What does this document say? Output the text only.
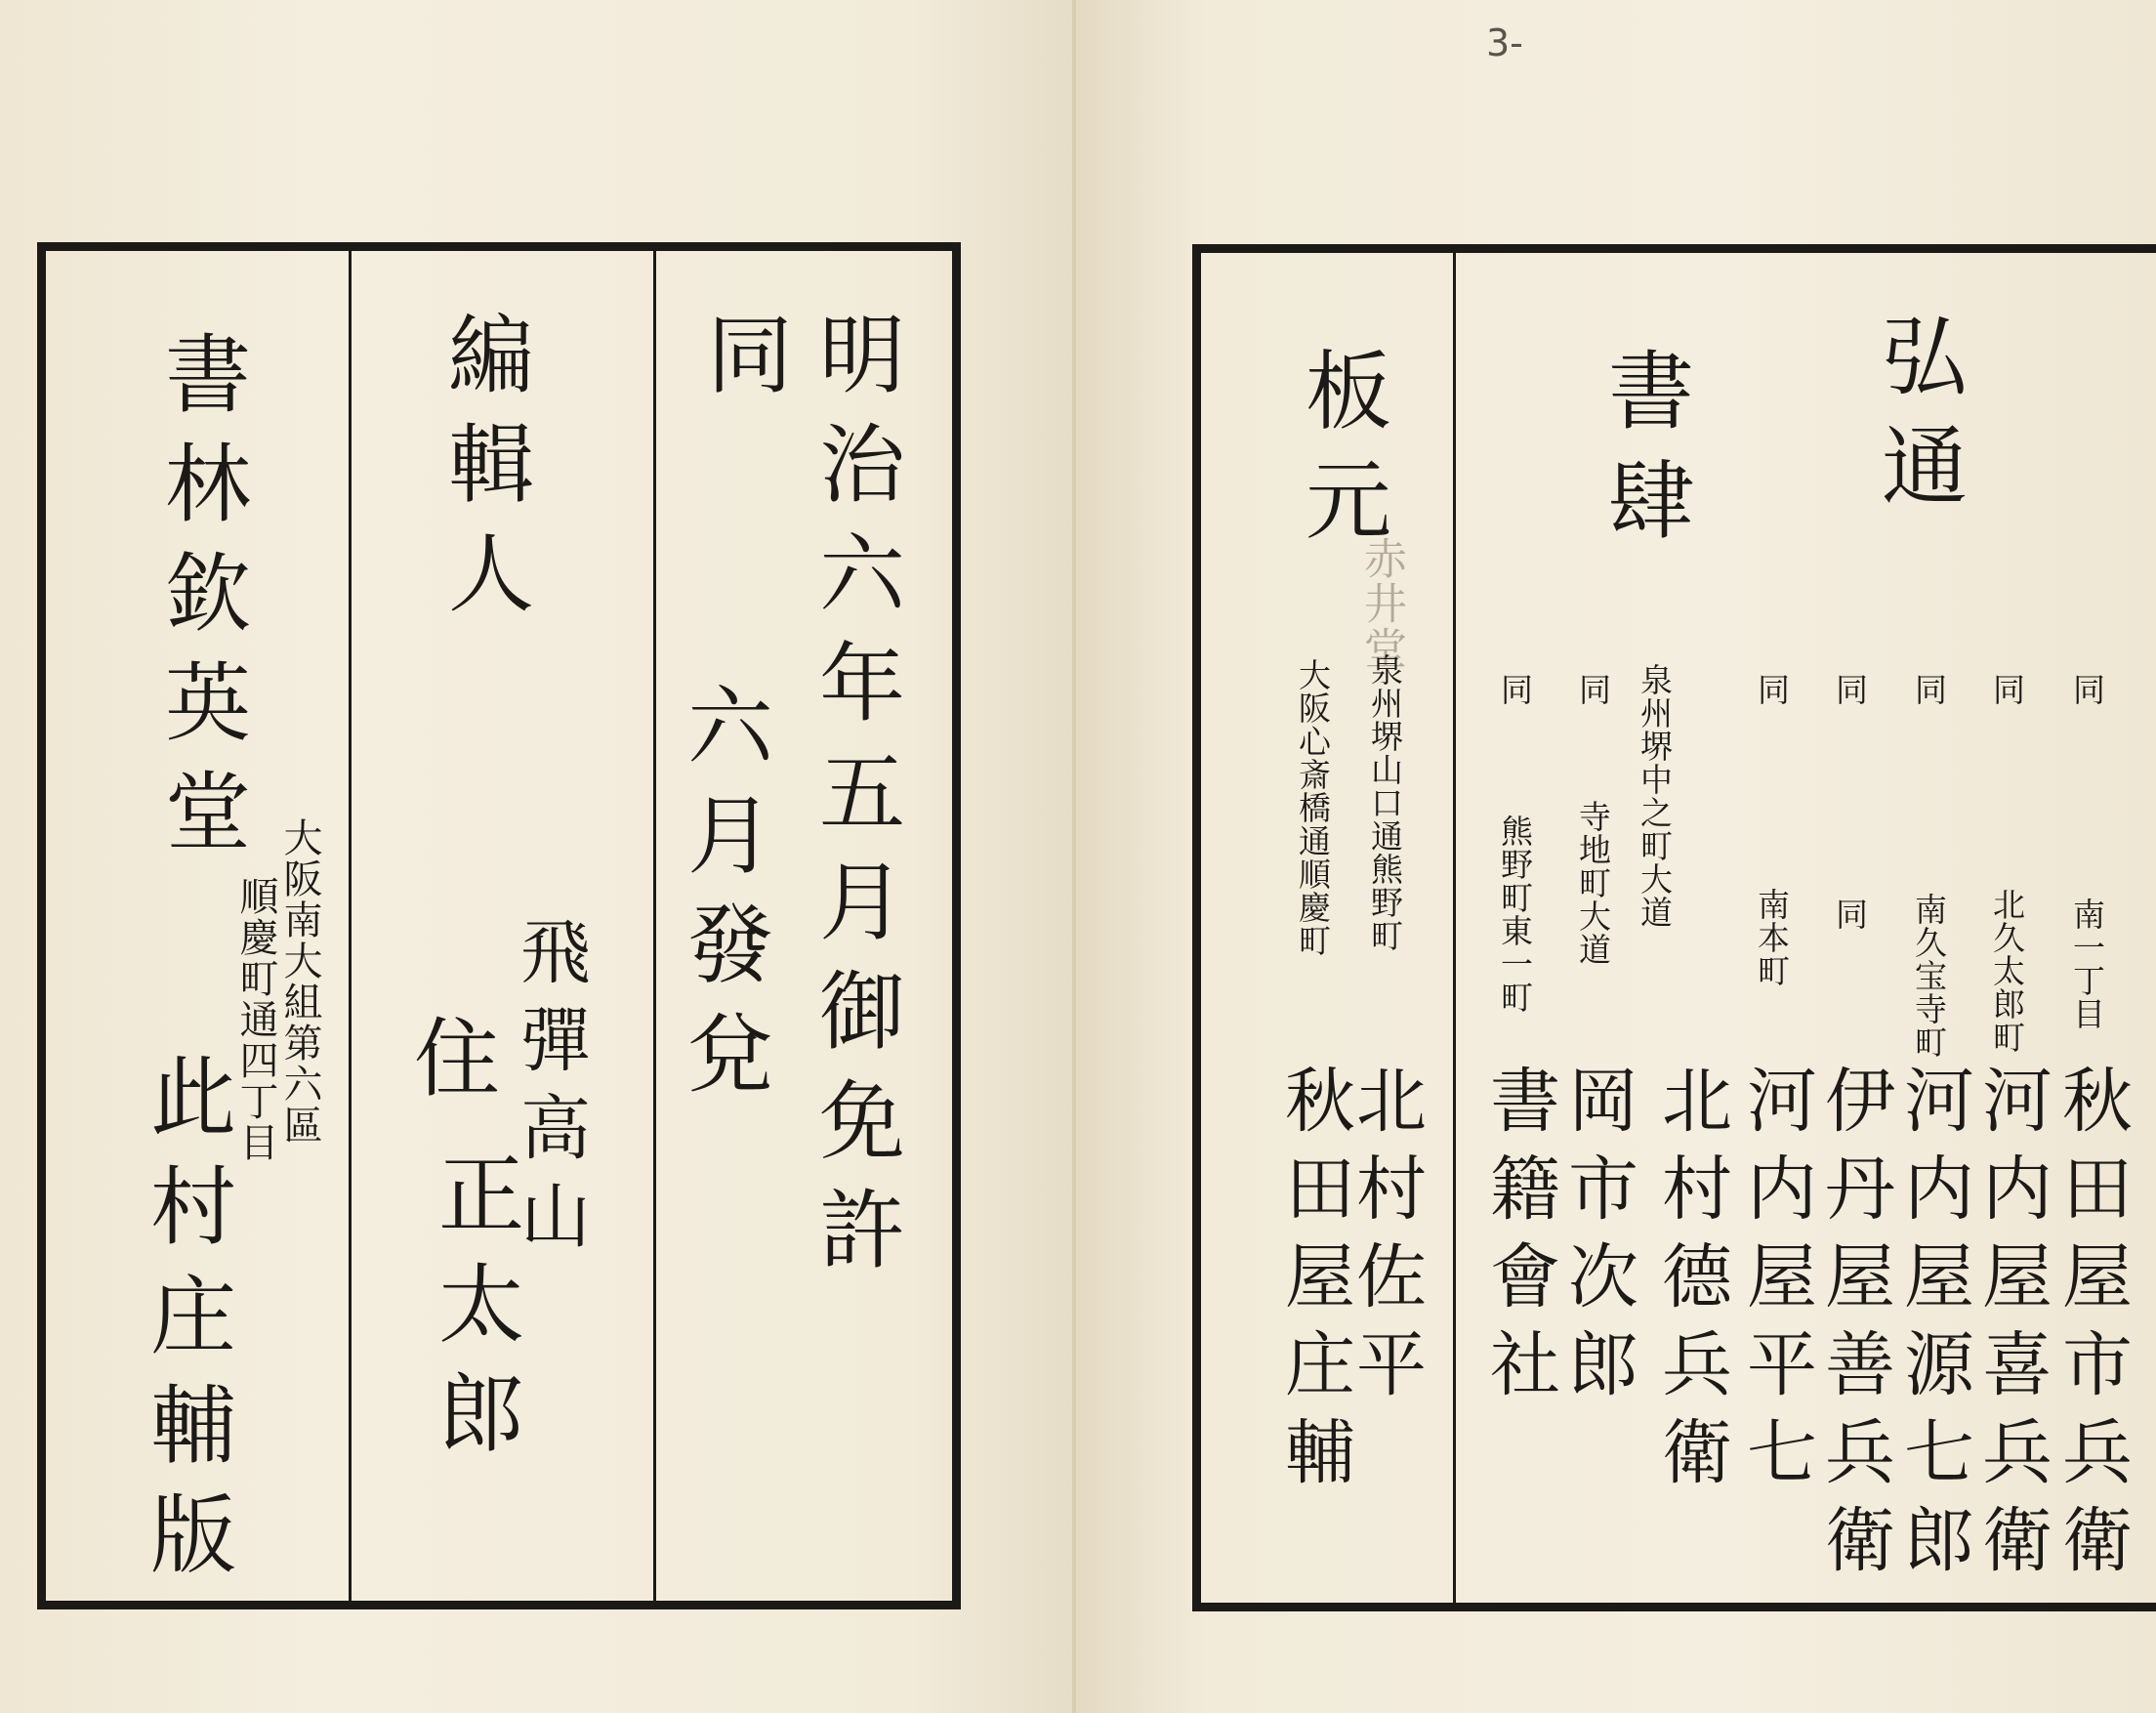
3-
明治六年五月御免許
同
六月發兌
編輯人
飛彈高山
住
正太郎
書林欽英堂
大阪南大組第六區
順慶町通四丁目
此村庄輔版
弘通
書肆
板元
赤井堂
同
南一丁目
秋田屋市兵衛
同
北久太郎町
河内屋喜兵衛
同
南久宝寺町
河内屋源七郎
同
同
伊丹屋善兵衛
同
南本町
河内屋平七
泉州堺中之町大道
北村德兵衛
同
寺地町大道
岡市次郎
同
熊野町東一町
書籍會社
泉州堺山口通熊野町
北村佐平
大阪心斎橋通順慶町
秋田屋庄輔
